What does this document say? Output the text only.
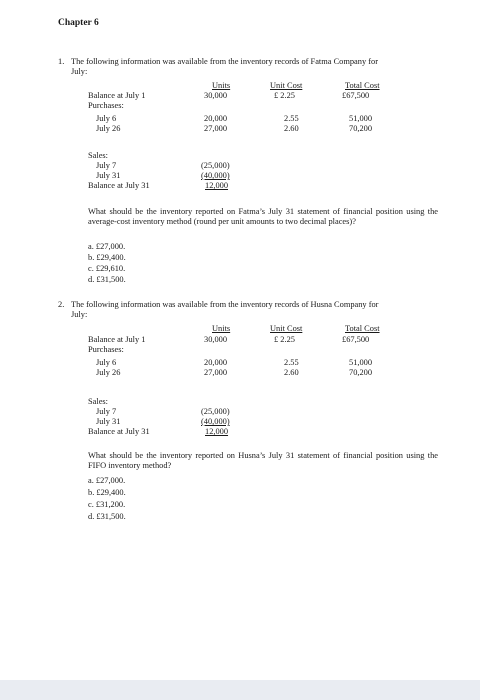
Chapter 6
1. The following information was available from the inventory records of Fatma Company for
July:
Units	Unit Cost	Total Cost
Balance at July 1	30,000	£ 2.25	£67,500
Purchases:
July 6	20,000	2.55	51,000
July 26	27,000	2.60	70,200
Sales:
July 7	(25,000)
July 31	(40,000)
Balance at July 31	12,000
What should be the inventory reported on Fatma’s July 31 statement of financial position using the average-cost inventory method (round per unit amounts to two decimal places)?
a. £27,000.
b. £29,400.
c. £29,610.
d. £31,500.
2. The following information was available from the inventory records of Husna Company for
July:
Units	Unit Cost	Total Cost
Balance at July 1	30,000	£ 2.25	£67,500
Purchases:
July 6	20,000	2.55	51,000
July 26	27,000	2.60	70,200
Sales:
July 7	(25,000)
July 31	(40,000)
Balance at July 31	12,000
What should be the inventory reported on Husna’s July 31 statement of financial position using the FIFO inventory method?
a. £27,000.
b. £29,400.
c. £31,200.
d. £31,500.
